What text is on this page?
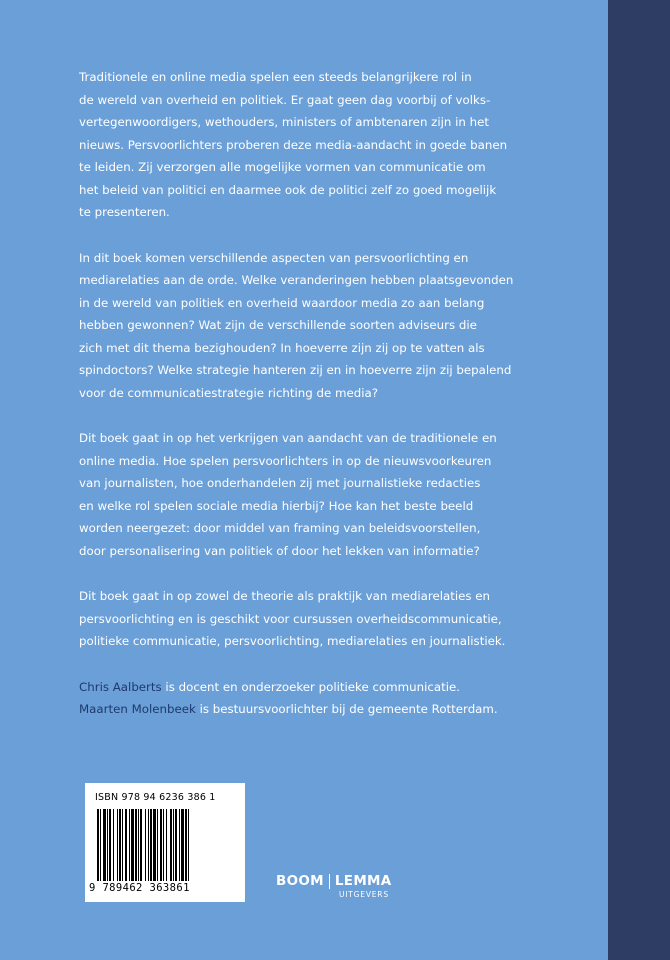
Traditionele en online media spelen een steeds belangrijkere rol in
de wereld van overheid en politiek. Er gaat geen dag voorbij of volks-
vertegenwoordigers, wethouders, ministers of ambtenaren zijn in het
nieuws. Persvoorlichters proberen deze media-aandacht in goede banen
te leiden. Zij verzorgen alle mogelijke vormen van communicatie om
het beleid van politici en daarmee ook de politici zelf zo goed mogelijk
te presenteren.

In dit boek komen verschillende aspecten van persvoorlichting en
mediarelaties aan de orde. Welke veranderingen hebben plaatsgevonden
in de wereld van politiek en overheid waardoor media zo aan belang
hebben gewonnen? Wat zijn de verschillende soorten adviseurs die
zich met dit thema bezighouden? In hoeverre zijn zij op te vatten als
spindoctors? Welke strategie hanteren zij en in hoeverre zijn zij bepalend
voor de communicatiestrategie richting de media?

Dit boek gaat in op het verkrijgen van aandacht van de traditionele en
online media. Hoe spelen persvoorlichters in op de nieuwsvoorkeuren
van journalisten, hoe onderhandelen zij met journalistieke redacties
en welke rol spelen sociale media hierbij? Hoe kan het beste beeld
worden neergezet: door middel van framing van beleidsvoorstellen,
door personalisering van politiek of door het lekken van informatie?

Dit boek gaat in op zowel de theorie als praktijk van mediarelaties en
persvoorlichting en is geschikt voor cursussen overheidscommunicatie,
politieke communicatie, persvoorlichting, mediarelaties en journalistiek.

Chris Aalberts is docent en onderzoeker politieke communicatie.
Maarten Molenbeek is bestuursvoorlichter bij de gemeente Rotterdam.
ISBN 978 94 6236 386 1
9 789462 363861	BOOM LEMMA
UITGEVERS
